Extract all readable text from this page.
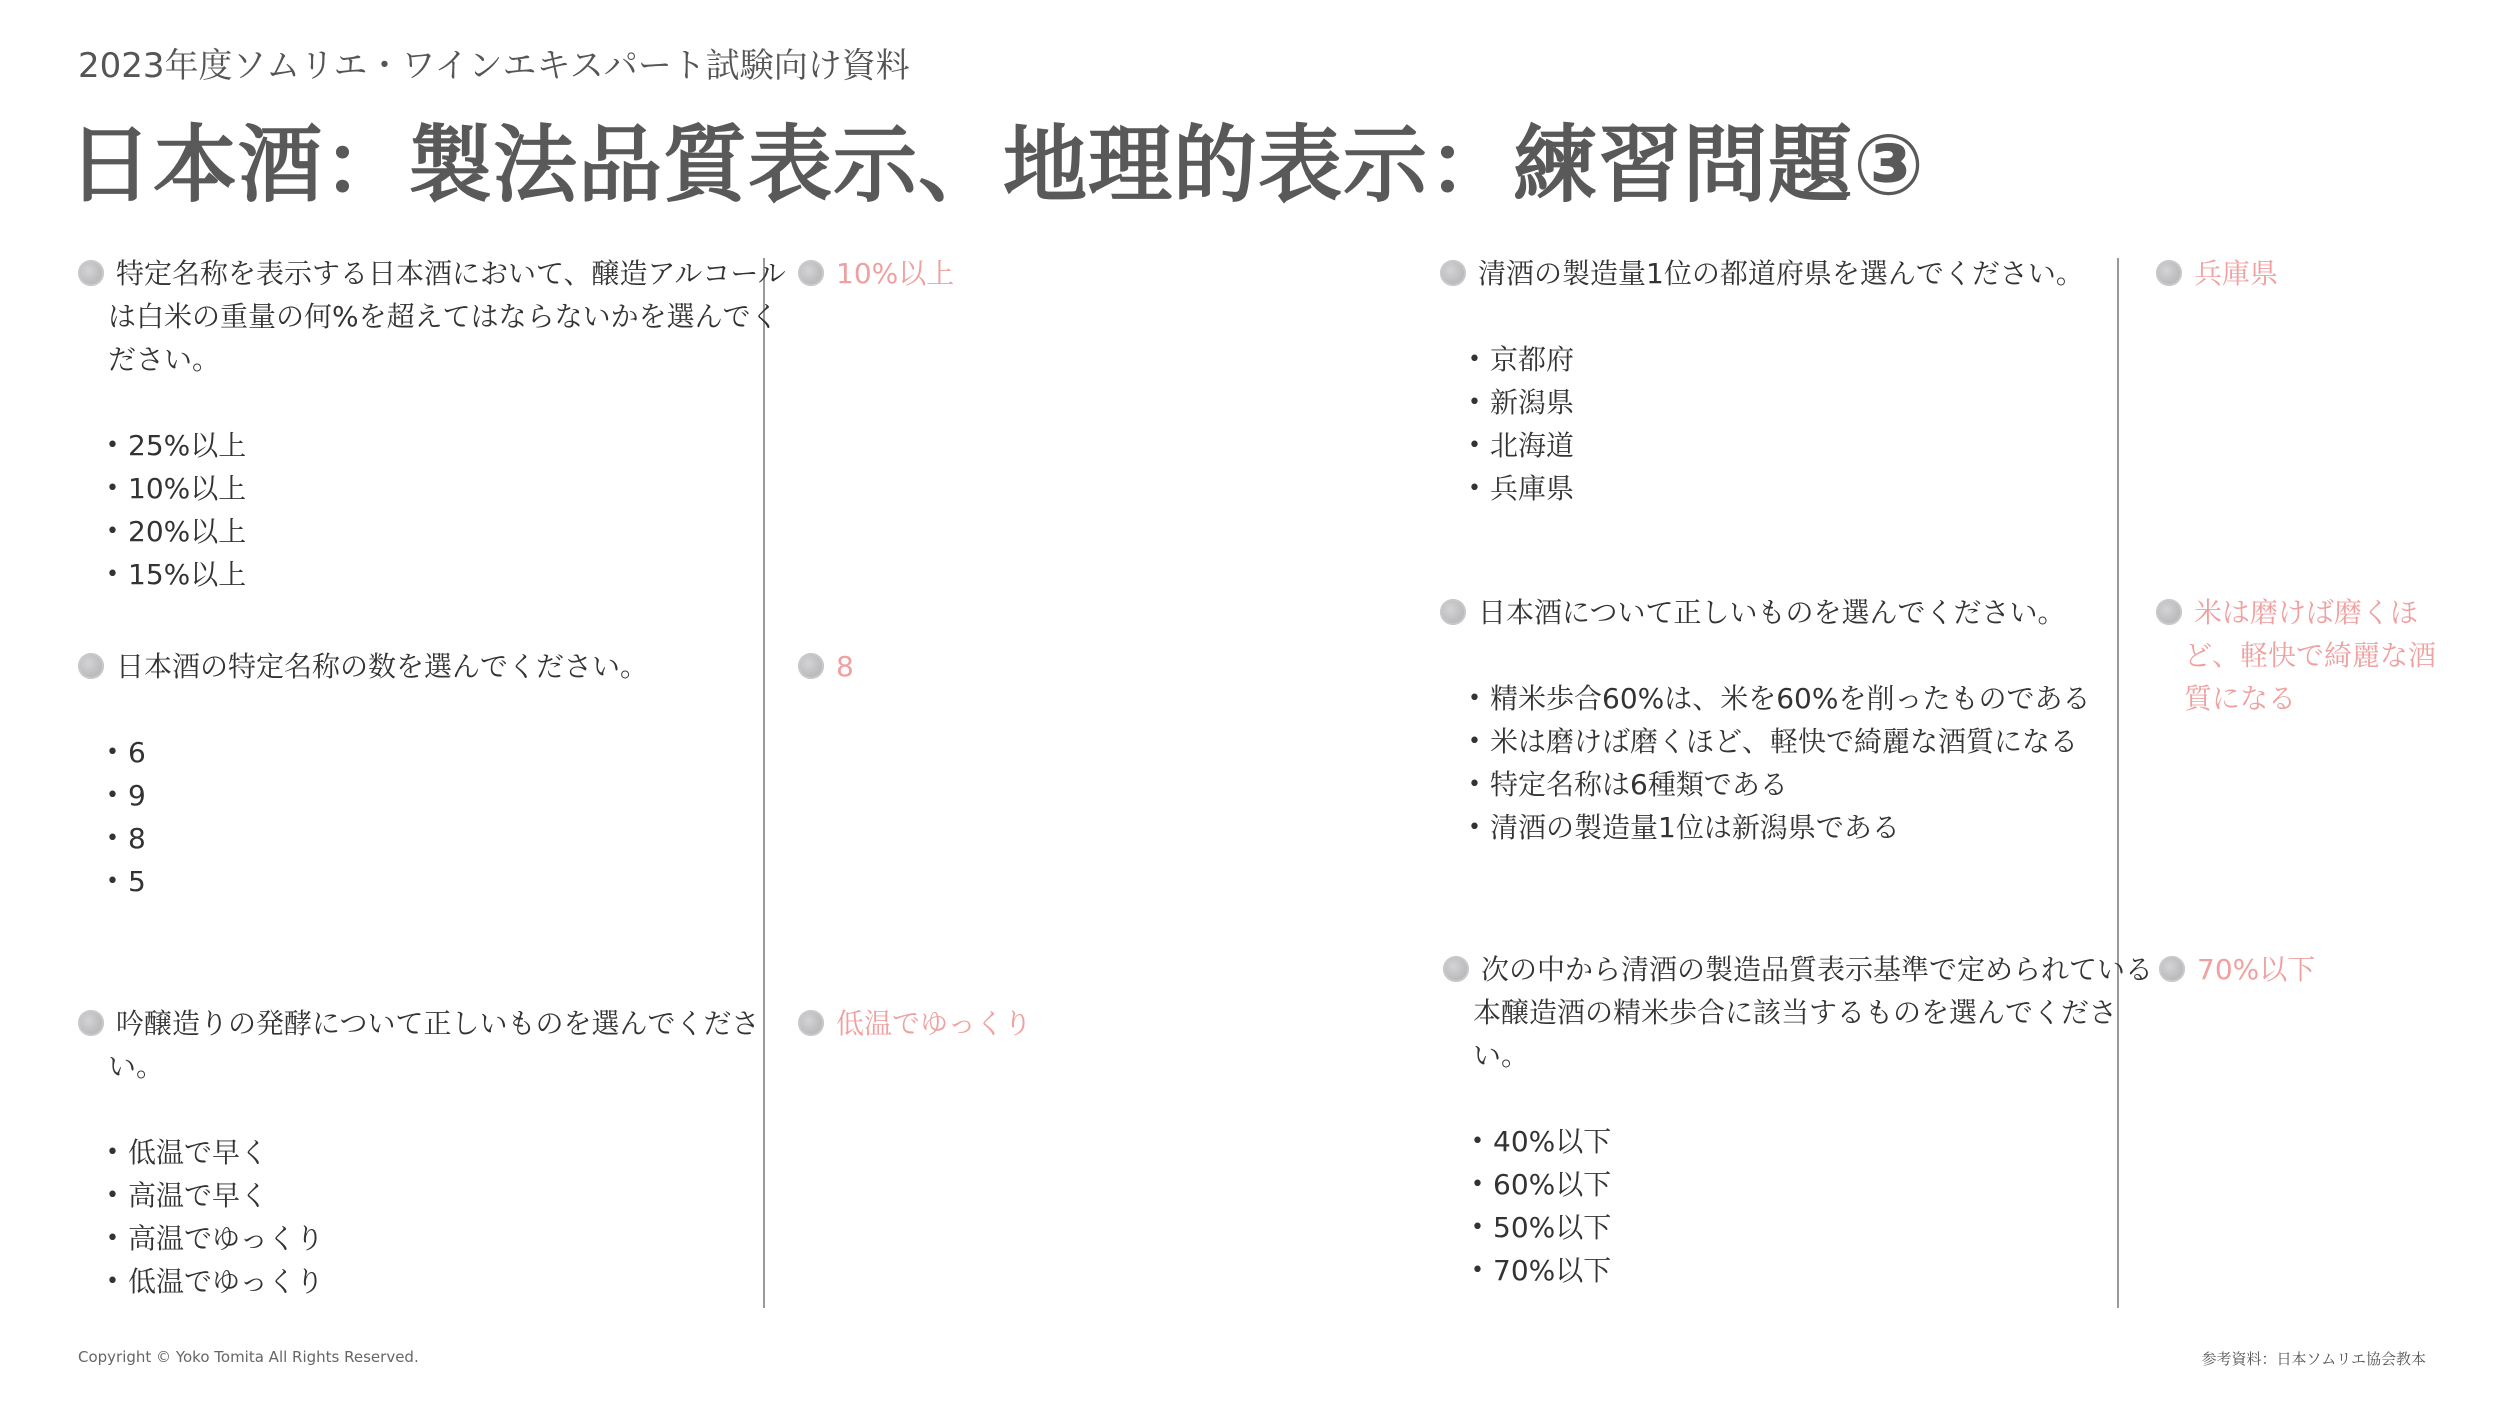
2023年度ソムリエ・ワインエキスパート試験向け資料
日本酒：製法品質表示、地理的表示：練習問題③
特定名称を表示する日本酒において、醸造アルコール
は白米の重量の何%を超えてはならないかを選んでく
ださい。
• 25%以上
• 10%以上
• 20%以上
• 15%以上
10%以上
日本酒の特定名称の数を選んでください。
• 6
• 9
• 8
• 5
8
吟醸造りの発酵について正しいものを選んでくださ
い。
• 低温で早く
• 高温で早く
• 高温でゆっくり
• 低温でゆっくり
低温でゆっくり
清酒の製造量1位の都道府県を選んでください。
• 京都府
• 新潟県
• 北海道
• 兵庫県
兵庫県
日本酒について正しいものを選んでください。
• 精米歩合60%は、米を60%を削ったものである
• 米は磨けば磨くほど、軽快で綺麗な酒質になる
• 特定名称は6種類である
• 清酒の製造量1位は新潟県である
米は磨けば磨くほ
ど、軽快で綺麗な酒
質になる
次の中から清酒の製造品質表示基準で定められている
本醸造酒の精米歩合に該当するものを選んでくださ
い。
• 40%以下
• 60%以下
• 50%以下
• 70%以下
70%以下
Copyright © Yoko Tomita All Rights Reserved.	参考資料：日本ソムリエ協会教本
